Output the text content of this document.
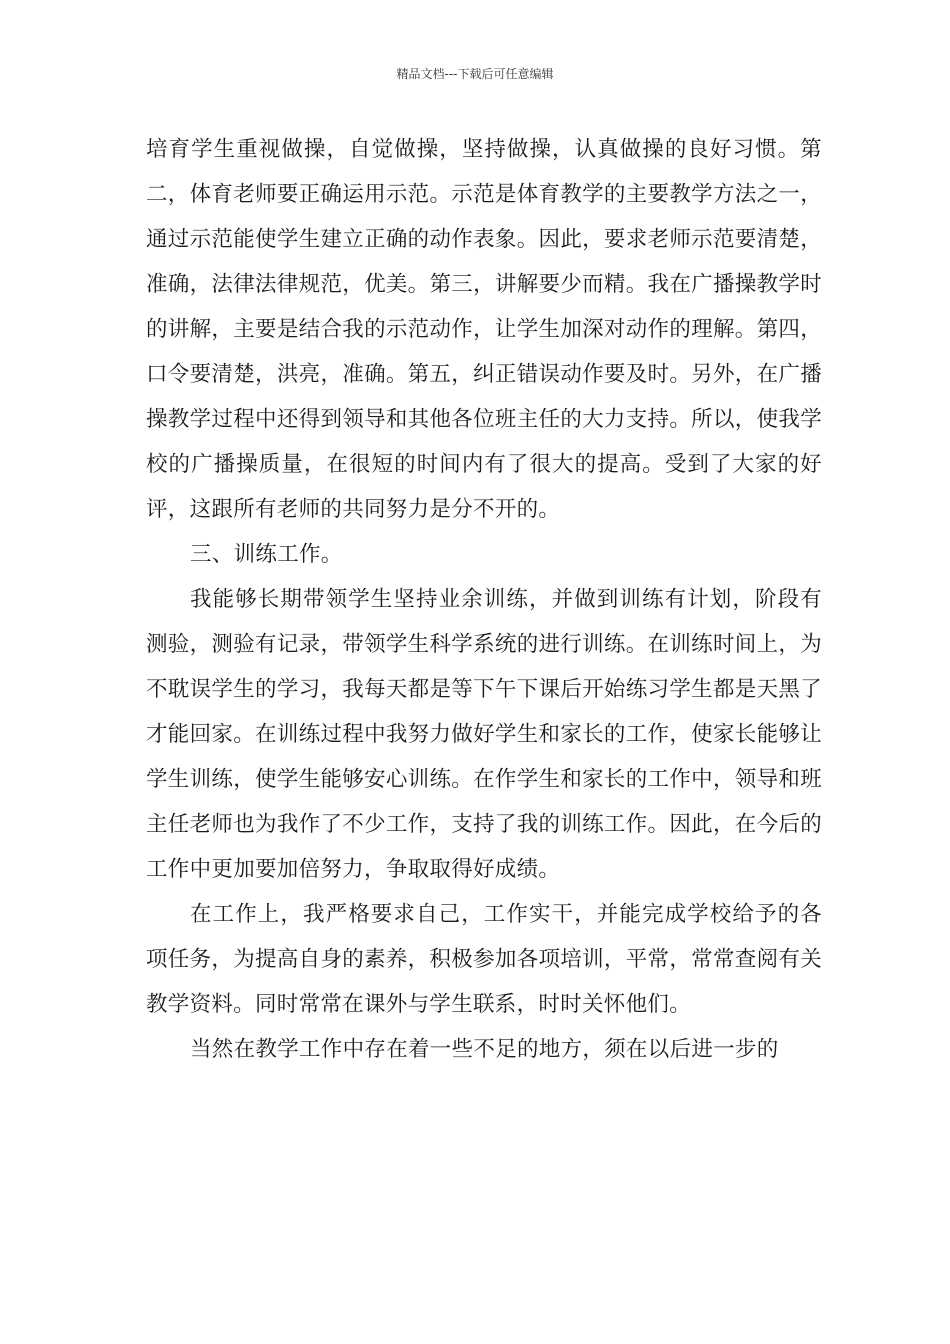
精品文档---下载后可任意编辑

培育学生重视做操，自觉做操，坚持做操，认真做操的良好习惯。第二，体育老师要正确运用示范。示范是体育教学的主要教学方法之一，通过示范能使学生建立正确的动作表象。因此，要求老师示范要清楚，准确，法律法律规范，优美。第三，讲解要少而精。我在广播操教学时的讲解，主要是结合我的示范动作，让学生加深对动作的理解。第四，口令要清楚，洪亮，准确。第五，纠正错误动作要及时。另外，在广播操教学过程中还得到领导和其他各位班主任的大力支持。所以，使我学校的广播操质量，在很短的时间内有了很大的提高。受到了大家的好评，这跟所有老师的共同努力是分不开的。

三、训练工作。

我能够长期带领学生坚持业余训练，并做到训练有计划，阶段有测验，测验有记录，带领学生科学系统的进行训练。在训练时间上，为不耽误学生的学习，我每天都是等下午下课后开始练习学生都是天黑了才能回家。在训练过程中我努力做好学生和家长的工作，使家长能够让学生训练，使学生能够安心训练。在作学生和家长的工作中，领导和班主任老师也为我作了不少工作，支持了我的训练工作。因此，在今后的工作中更加要加倍努力，争取取得好成绩。

在工作上，我严格要求自己，工作实干，并能完成学校给予的各项任务，为提高自身的素养，积极参加各项培训，平常，常常查阅有关教学资料。同时常常在课外与学生联系，时时关怀他们。

当然在教学工作中存在着一些不足的地方，须在以后进一步的
